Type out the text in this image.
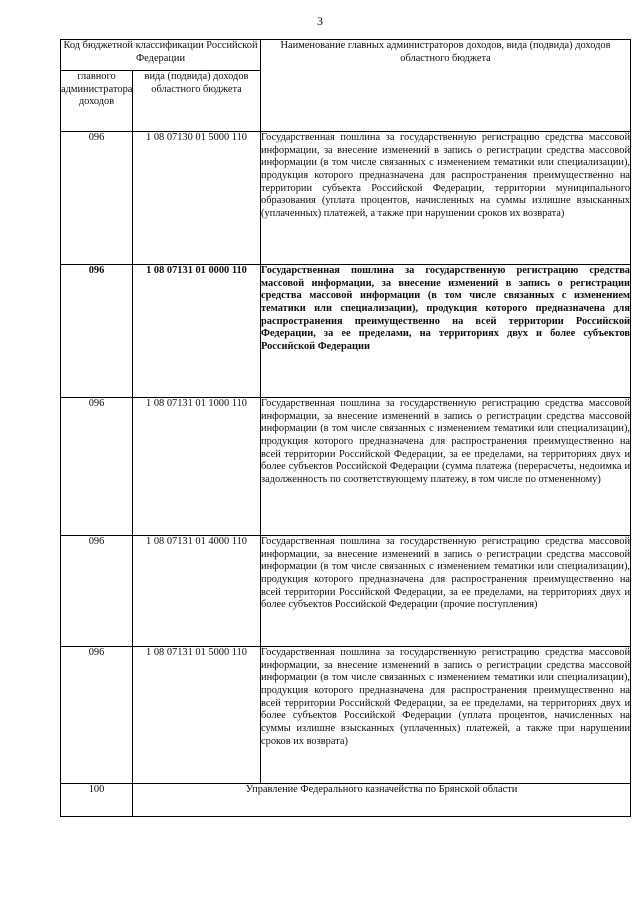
3
Код бюджетной классификации Российской Федерации		Наименование главных администраторов доходов, вида (подвида) доходов областного бюджета
главного администратора доходов	вида (подвида) доходов областного бюджета	
096	1 08 07130 01 5000 110	Государственная пошлина за государственную регистрацию средства массовой информации, за внесение изменений в запись о регистрации средства массовой информации (в том числе связанных с изменением тематики или специализации), продукция которого предназначена для распространения преимущественно на территории субъекта Российской Федерации, территории муниципального образования (уплата процентов, начисленных на суммы излишне взысканных (уплаченных) платежей, а также при нарушении сроков их возврата)
096	1 08 07131 01 0000 110	Государственная пошлина за государственную регистрацию средства массовой информации, за внесение изменений в запись о регистрации средства массовой информации (в том числе связанных с изменением тематики или специализации), продукция которого предназначена для распространения преимущественно на всей территории Российской Федерации, за ее пределами, на территориях двух и более субъектов Российской Федерации
096	1 08 07131 01 1000 110	Государственная пошлина за государственную регистрацию средства массовой информации, за внесение изменений в запись о регистрации средства массовой информации (в том числе связанных с изменением тематики или специализации), продукция которого предназначена для распространения преимущественно на всей территории Российской Федерации, за ее пределами, на территориях двух и более субъектов Российской Федерации (сумма платежа (перерасчеты, недоимка и задолженность по соответствующему платежу, в том числе по отмененному)
096	1 08 07131 01 4000 110	Государственная пошлина за государственную регистрацию средства массовой информации, за внесение изменений в запись о регистрации средства массовой информации (в том числе связанных с изменением тематики или специализации), продукция которого предназначена для распространения преимущественно на всей территории Российской Федерации, за ее пределами, на территориях двух и более субъектов Российской Федерации (прочие поступления)
096	1 08 07131 01 5000 110	Государственная пошлина за государственную регистрацию средства массовой информации, за внесение изменений в запись о регистрации средства массовой информации (в том числе связанных с изменением тематики или специализации), продукция которого предназначена для распространения преимущественно на всей территории Российской Федерации, за ее пределами, на территориях двух и более субъектов Российской Федерации (уплата процентов, начисленных на суммы излишне взысканных (уплаченных) платежей, а также при нарушении сроков их возврата)
100	Управление Федерального казначейства по Брянской области	
